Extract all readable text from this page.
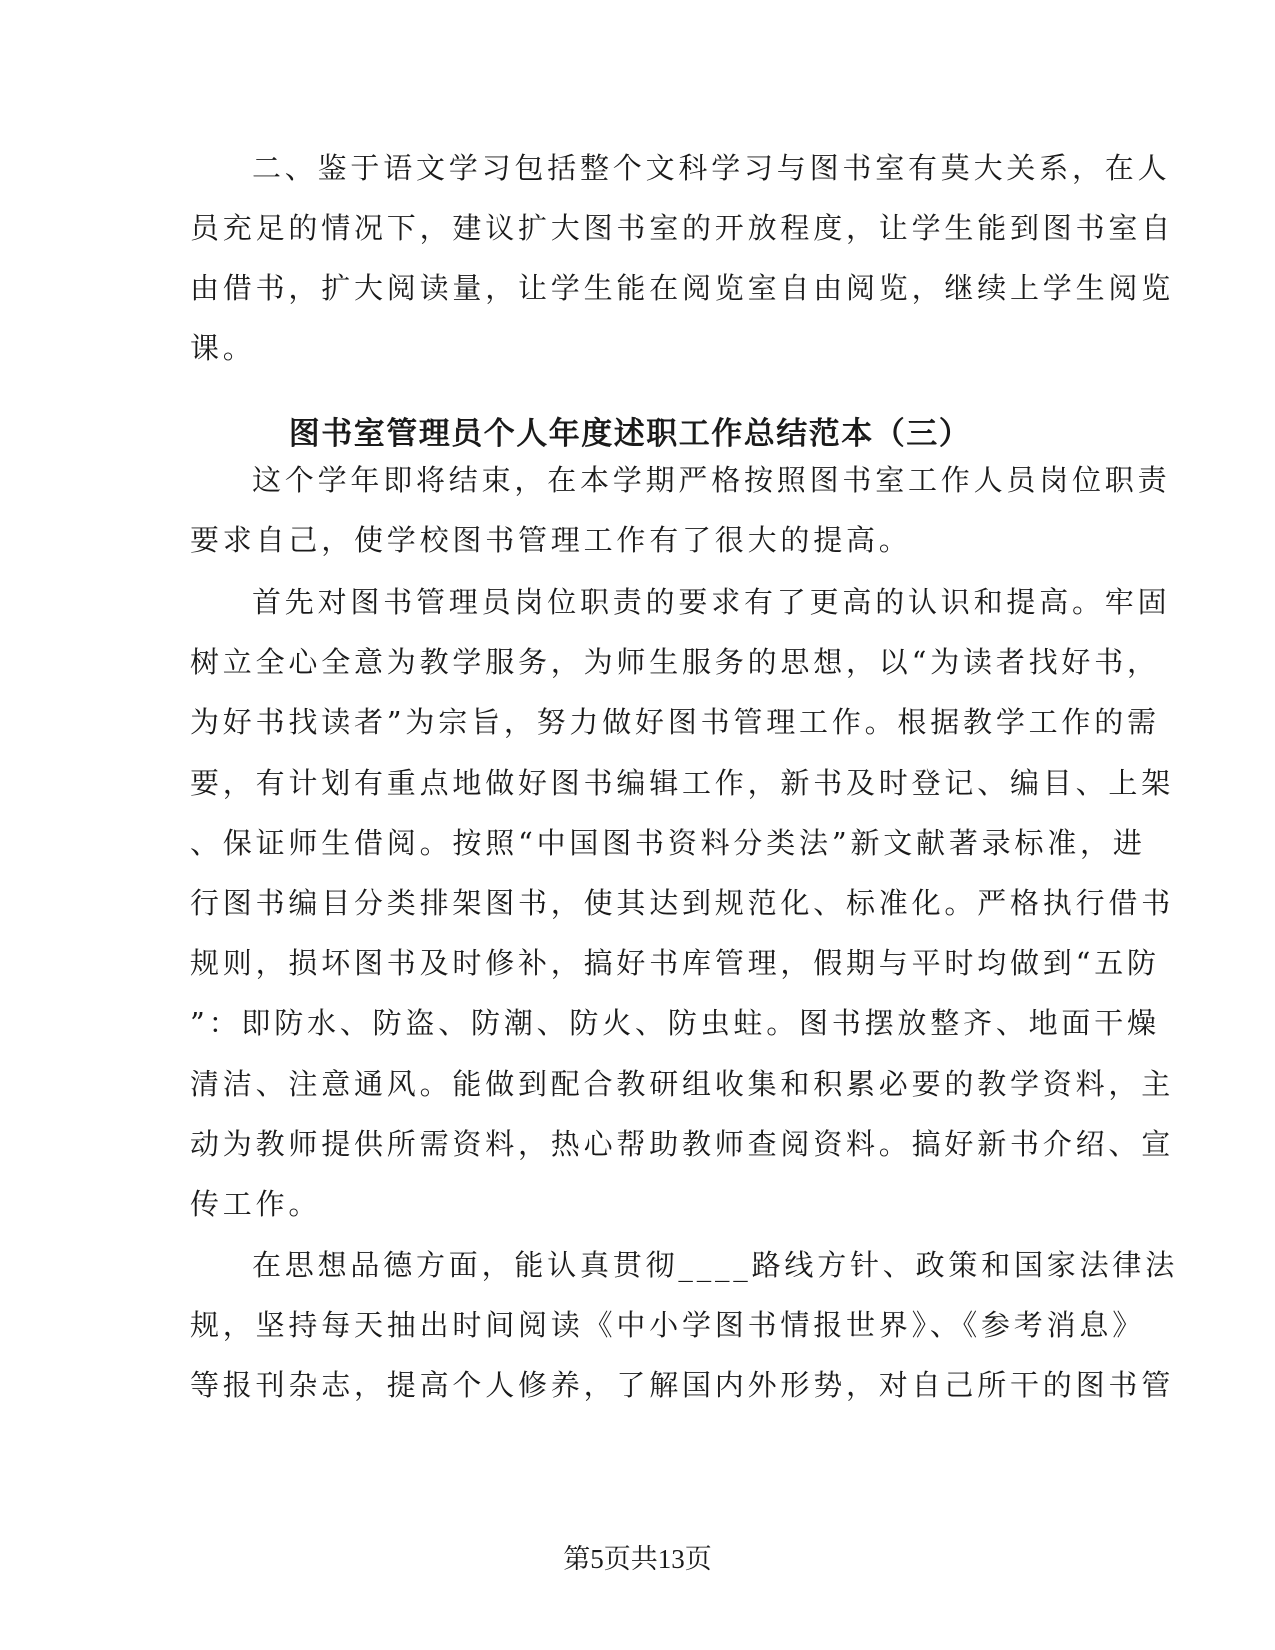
二、鉴于语文学习包括整个文科学习与图书室有莫大关系，在人
员充足的情况下，建议扩大图书室的开放程度，让学生能到图书室自
由借书，扩大阅读量，让学生能在阅览室自由阅览，继续上学生阅览
课。
图书室管理员个人年度述职工作总结范本（三）
这个学年即将结束，在本学期严格按照图书室工作人员岗位职责
要求自己，使学校图书管理工作有了很大的提高。
首先对图书管理员岗位职责的要求有了更高的认识和提高。牢固
树立全心全意为教学服务，为师生服务的思想，以“为读者找好书，
为好书找读者”为宗旨，努力做好图书管理工作。根据教学工作的需
要，有计划有重点地做好图书编辑工作，新书及时登记、编目、上架
、保证师生借阅。按照“中国图书资料分类法”新文献著录标准，进
行图书编目分类排架图书，使其达到规范化、标准化。严格执行借书
规则，损坏图书及时修补，搞好书库管理，假期与平时均做到“五防
”：即防水、防盗、防潮、防火、防虫蛀。图书摆放整齐、地面干燥
清洁、注意通风。能做到配合教研组收集和积累必要的教学资料，主
动为教师提供所需资料，热心帮助教师查阅资料。搞好新书介绍、宣
传工作。
在思想品德方面，能认真贯彻____路线方针、政策和国家法律法
规，坚持每天抽出时间阅读《中小学图书情报世界》、《参考消息》
等报刊杂志，提高个人修养，了解国内外形势，对自己所干的图书管
第5页共13页
